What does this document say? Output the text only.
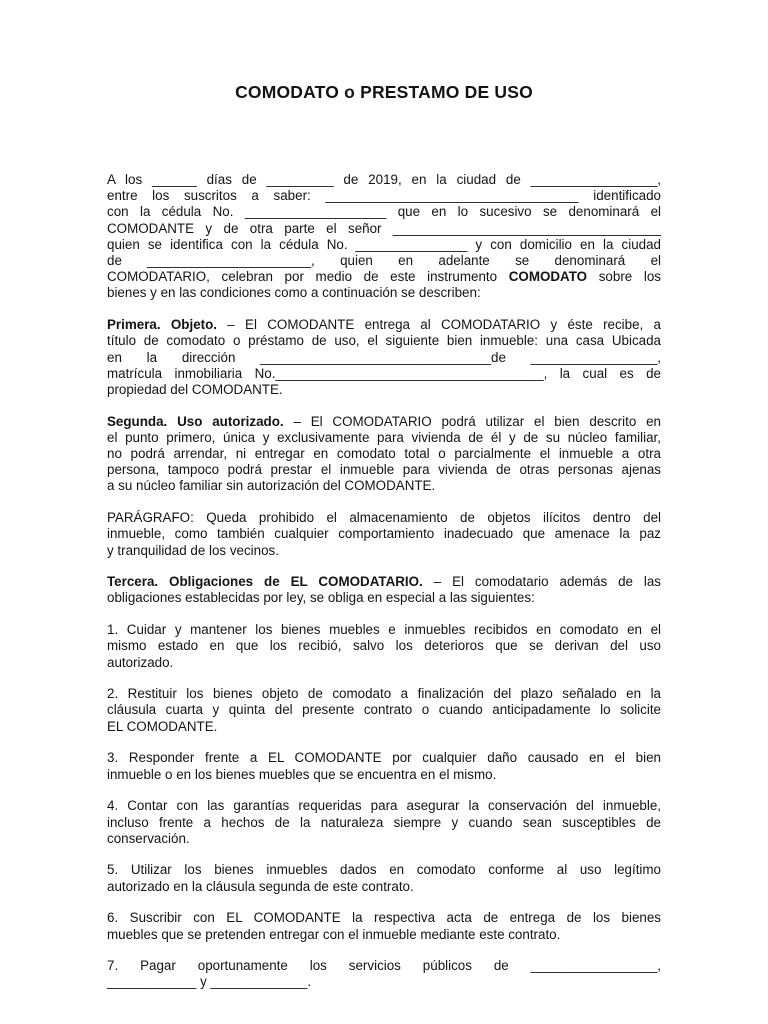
COMODATO o PRESTAMO DE USO

A los ______ días de _________ de 2019, en la ciudad de _________________,
entre los suscritos a saber: __________________________________ identificado
con la cédula No. ___________________ que en lo sucesivo se denominará el
COMODANTE y de otra parte el señor ____________________________________
quien se identifica con la cédula No. _______________ y con domicilio en la ciudad
de ______________________, quien en adelante se denominará el
COMODATARIO, celebran por medio de este instrumento COMODATO sobre los
bienes y en las condiciones como a continuación se describen:

Primera. Objeto. – El COMODANTE entrega al COMODATARIO y éste recibe, a
título de comodato o préstamo de uso, el siguiente bien inmueble: una casa Ubicada
en la dirección _______________________________de _________________,
matrícula inmobiliaria No.____________________________________, la cual es de
propiedad del COMODANTE.

Segunda. Uso autorizado. – El COMODATARIO podrá utilizar el bien descrito en
el punto primero, única y exclusivamente para vivienda de él y de su núcleo familiar,
no podrá arrendar, ni entregar en comodato total o parcialmente el inmueble a otra
persona, tampoco podrá prestar el inmueble para vivienda de otras personas ajenas
a su núcleo familiar sin autorización del COMODANTE.

PARÁGRAFO: Queda prohibido el almacenamiento de objetos ilícitos dentro del
inmueble, como también cualquier comportamiento inadecuado que amenace la paz
y tranquilidad de los vecinos.

Tercera. Obligaciones de EL COMODATARIO. – El comodatario además de las
obligaciones establecidas por ley, se obliga en especial a las siguientes:

1. Cuidar y mantener los bienes muebles e inmuebles recibidos en comodato en el
mismo estado en que los recibió, salvo los deterioros que se derivan del uso
autorizado.

2. Restituir los bienes objeto de comodato a finalización del plazo señalado en la
cláusula cuarta y quinta del presente contrato o cuando anticipadamente lo solicite
EL COMODANTE.

3. Responder frente a EL COMODANTE por cualquier daño causado en el bien
inmueble o en los bienes muebles que se encuentra en el mismo.

4. Contar con las garantías requeridas para asegurar la conservación del inmueble,
incluso frente a hechos de la naturaleza siempre y cuando sean susceptibles de
conservación.

5. Utilizar los bienes inmuebles dados en comodato conforme al uso legítimo
autorizado en la cláusula segunda de este contrato.

6. Suscribir con EL COMODANTE la respectiva acta de entrega de los bienes
muebles que se pretenden entregar con el inmueble mediante este contrato.

7. Pagar oportunamente los servicios públicos de _________________,
____________ y _____________.
